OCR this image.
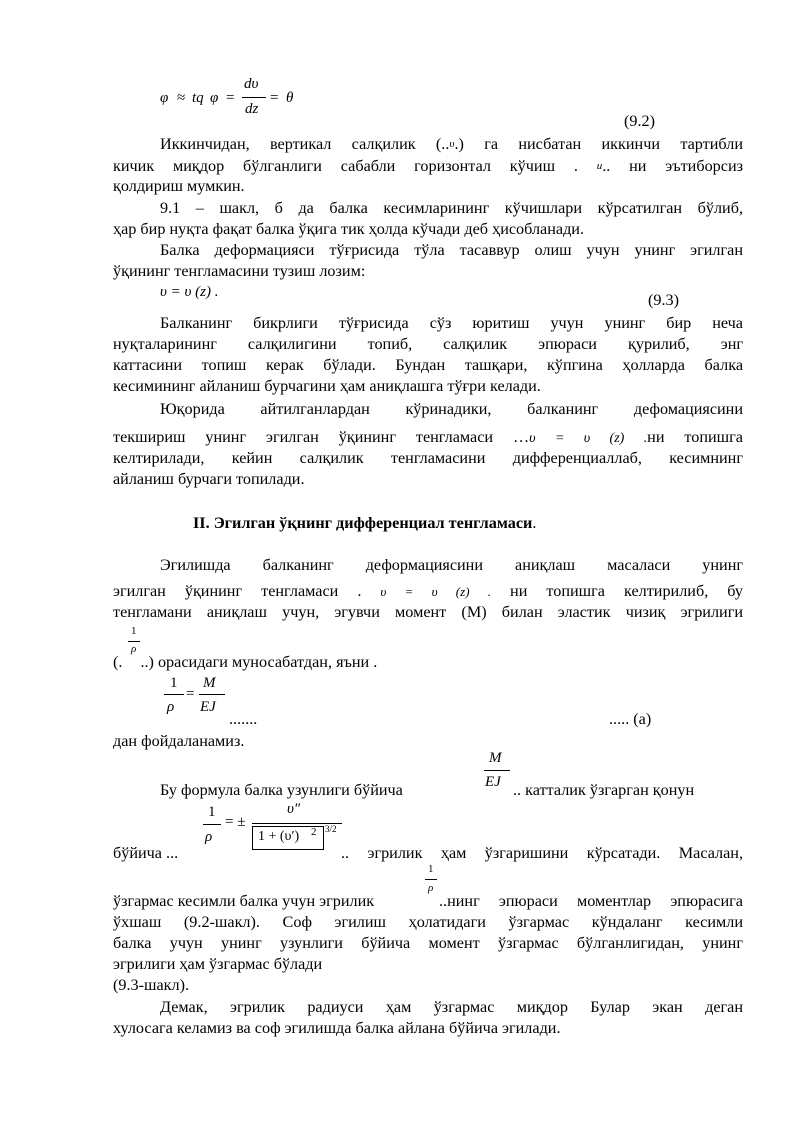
φ ≈ tq φ =
dυ
dz
= θ
(9.2)
Иккинчидан, вертикал салқилик (..υ.) га нисбатан иккинчи тартибли
кичик миқдор бўлганлиги сабабли горизонтал кўчиш . u.. ни эътиборсиз
қолдириш мумкин.
9.1 – шакл, б да балка кесимларининг кўчишлари кўрсатилган бўлиб,
ҳар бир нуқта фақат балка ўқига тик ҳолда кўчади деб ҳисобланади.
Балка деформацияси тўғрисида тўла тасаввур олиш учун унинг эгилган
ўқининг тенгламасини тузиш лозим:
υ = υ (z) .	(9.3)
Балканинг бикрлиги тўғрисида сўз юритиш учун унинг бир неча
нуқталарининг салқилигини топиб, салқилик эпюраси қурилиб, энг
каттасини топиш керак бўлади. Бундан ташқари, кўпгина ҳолларда балка
кесимининг айланиш бурчагини ҳам аниқлашга тўғри келади.
Юқорида айтилганлардан кўринадики, балканинг дефомациясини
текшириш унинг эгилган ўқининг тенгламаси …υ = υ (z) .ни топишга
келтирилади, кейин салқилик тенгламасини дифференциаллаб, кесимнинг
айланиш бурчаги топилади.
II. Эгилган ўқнинг дифференциал тенгламаси.
Эгилишда балканинг деформациясини аниқлаш масаласи унинг
эгилган ўқининг тенгламаси . υ = υ (z) . ни топишга келтирилиб, бу
тенгламани аниқлаш учун, эгувчи момент (M) билан эластик чизиқ эгрилиги
1
ρ
(. ..) орасидаги муносабатдан, яъни .
1
ρ
=
M
EJ
.......	..... (a)
дан фойдаланамиз.
M
EJ
Бу формула балка узунлиги бўйича	.. катталик ўзгарган қонун
1
ρ
= ±
υ″
1 + (υ′) 2 3/2
бўйича ...	.. эгрилик ҳам ўзгаришини кўрсатади. Масалан,
1
ρ
ўзгармас кесимли балка учун эгрилик	..нинг эпюраси моментлар эпюрасига
ўхшаш (9.2-шакл). Соф эгилиш ҳолатидаги ўзгармас кўндаланг кесимли
балка учун унинг узунлиги бўйича момент ўзгармас бўлганлигидан, унинг
эгрилиги ҳам ўзгармас бўлади
(9.3-шакл).
Демак, эгрилик радиуси ҳам ўзгармас миқдор Булар экан деган
хулосага келамиз ва соф эгилишда балка айлана бўйича эгилади.
